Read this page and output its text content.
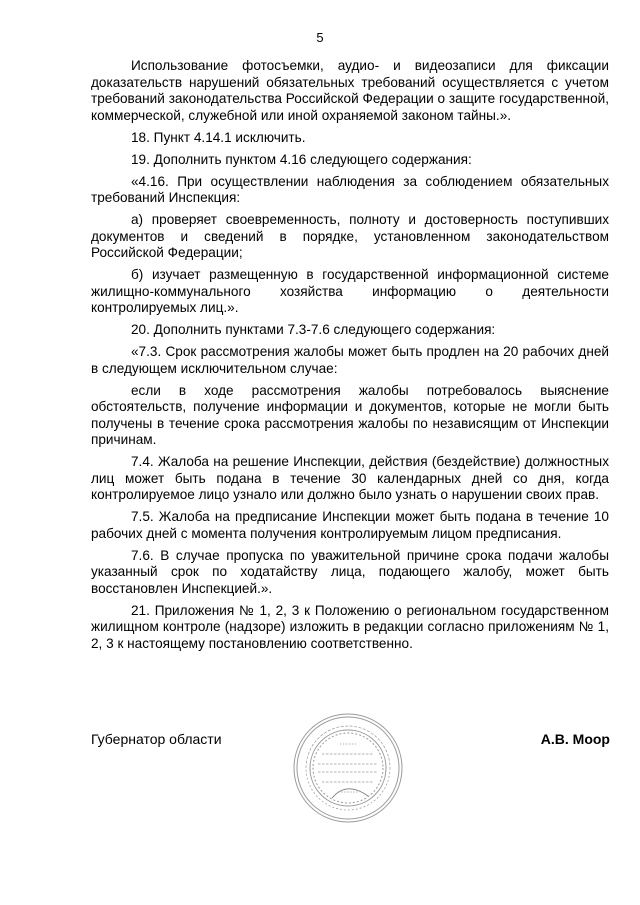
5

Использование фотосъемки, аудио- и видеозаписи для фиксации доказательств нарушений обязательных требований осуществляется с учетом требований законодательства Российской Федерации о защите государственной, коммерческой, служебной или иной охраняемой законом тайны.».

18. Пункт 4.14.1 исключить.

19. Дополнить пунктом 4.16 следующего содержания:

«4.16. При осуществлении наблюдения за соблюдением обязательных требований Инспекция:

а) проверяет своевременность, полноту и достоверность поступивших документов и сведений в порядке, установленном законодательством Российской Федерации;

б) изучает размещенную в государственной информационной системе жилищно-коммунального хозяйства информацию о деятельности контролируемых лиц.».

20. Дополнить пунктами 7.3-7.6 следующего содержания:

«7.3. Срок рассмотрения жалобы может быть продлен на 20 рабочих дней в следующем исключительном случае:

если в ходе рассмотрения жалобы потребовалось выяснение обстоятельств, получение информации и документов, которые не могли быть получены в течение срока рассмотрения жалобы по независящим от Инспекции причинам.

7.4. Жалоба на решение Инспекции, действия (бездействие) должностных лиц может быть подана в течение 30 календарных дней со дня, когда контролируемое лицо узнало или должно было узнать о нарушении своих прав.

7.5. Жалоба на предписание Инспекции может быть подана в течение 10 рабочих дней с момента получения контролируемым лицом предписания.

7.6. В случае пропуска по уважительной причине срока подачи жалобы указанный срок по ходатайству лица, подающего жалобу, может быть восстановлен Инспекцией.».

21. Приложения № 1, 2, 3 к Положению о региональном государственном жилищном контроле (надзоре) изложить в редакции согласно приложениям № 1, 2, 3 к настоящему постановлению соответственно.

Губернатор области	А.В. Моор
